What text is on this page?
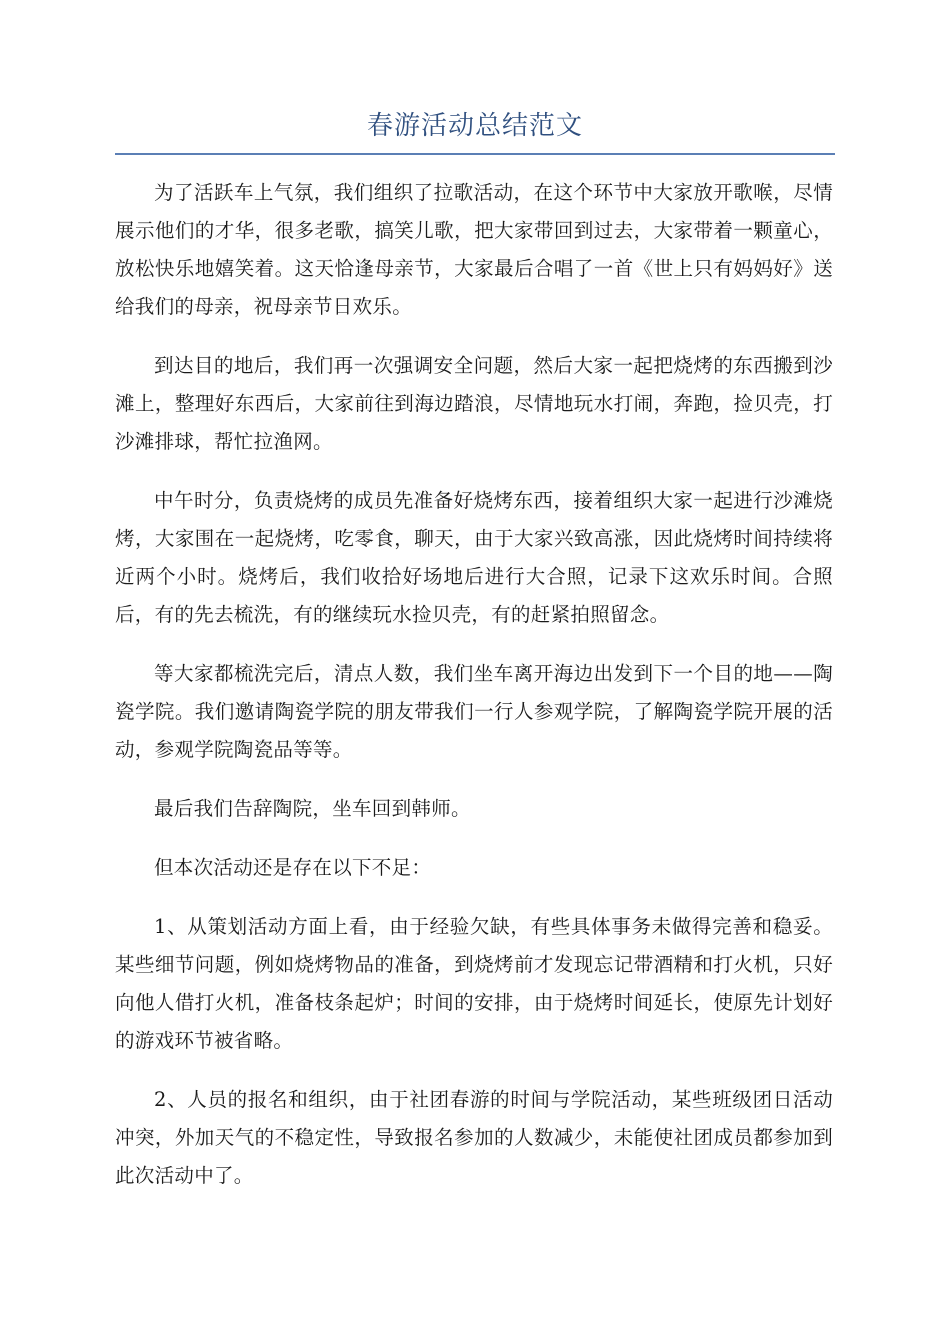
春游活动总结范文

为了活跃车上气氛，我们组织了拉歌活动，在这个环节中大家放开歌喉，尽情展示他们的才华，很多老歌，搞笑儿歌，把大家带回到过去，大家带着一颗童心，放松快乐地嬉笑着。这天恰逢母亲节，大家最后合唱了一首《世上只有妈妈好》送给我们的母亲，祝母亲节日欢乐。

到达目的地后，我们再一次强调安全问题，然后大家一起把烧烤的东西搬到沙滩上，整理好东西后，大家前往到海边踏浪，尽情地玩水打闹，奔跑，捡贝壳，打沙滩排球，帮忙拉渔网。

中午时分，负责烧烤的成员先准备好烧烤东西，接着组织大家一起进行沙滩烧烤，大家围在一起烧烤，吃零食，聊天，由于大家兴致高涨，因此烧烤时间持续将近两个小时。烧烤后，我们收拾好场地后进行大合照，记录下这欢乐时间。合照后，有的先去梳洗，有的继续玩水捡贝壳，有的赶紧拍照留念。

等大家都梳洗完后，清点人数，我们坐车离开海边出发到下一个目的地——陶瓷学院。我们邀请陶瓷学院的朋友带我们一行人参观学院，了解陶瓷学院开展的活动，参观学院陶瓷品等等。

最后我们告辞陶院，坐车回到韩师。

但本次活动还是存在以下不足：

1、从策划活动方面上看，由于经验欠缺，有些具体事务未做得完善和稳妥。某些细节问题，例如烧烤物品的准备，到烧烤前才发现忘记带酒精和打火机，只好向他人借打火机，准备枝条起炉；时间的安排，由于烧烤时间延长，使原先计划好的游戏环节被省略。

2、人员的报名和组织，由于社团春游的时间与学院活动，某些班级团日活动冲突，外加天气的不稳定性，导致报名参加的人数减少，未能使社团成员都参加到此次活动中了。
